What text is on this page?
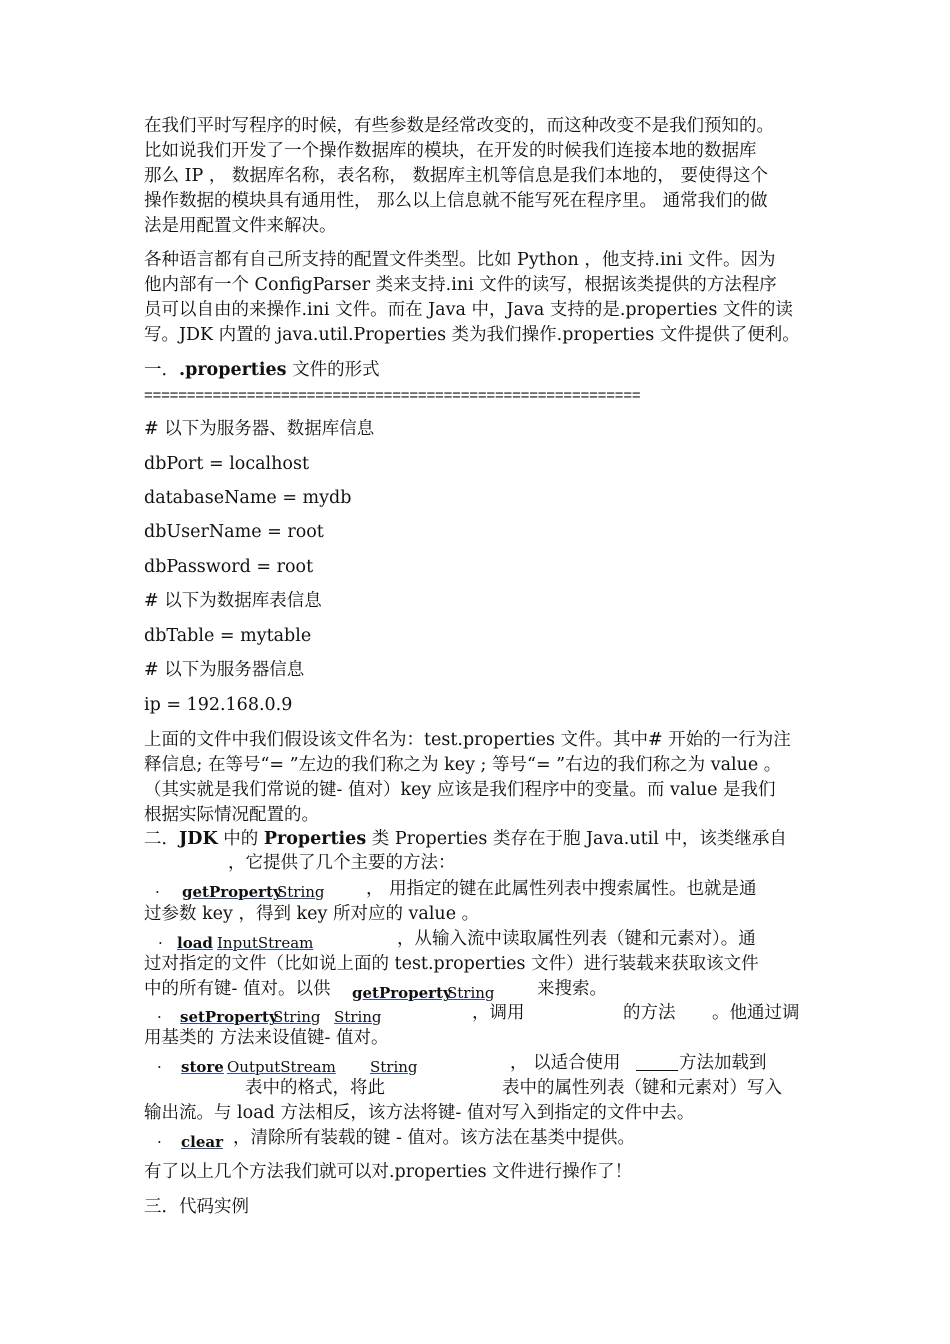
在我们平时写程序的时候，有些参数是经常改变的，而这种改变不是我们预知的。
比如说我们开发了一个操作数据库的模块，在开发的时候我们连接本地的数据库
那么 IP ， 数据库名称，表名称， 数据库主机等信息是我们本地的， 要使得这个
操作数据的模块具有通用性， 那么以上信息就不能写死在程序里。 通常我们的做
法是用配置文件来解决。
各种语言都有自己所支持的配置文件类型。比如 Python ，他支持.ini 文件。因为
他内部有一个 ConfigParser 类来支持.ini 文件的读写，根据该类提供的方法程序
员可以自由的来操作.ini 文件。而在 Java 中，Java 支持的是.properties 文件的读
写。JDK 内置的 java.util.Properties 类为我们操作.properties 文件提供了便利。
一．.properties 文件的形式
==========================================================
# 以下为服务器、数据库信息
dbPort = localhost
databaseName = mydb
dbUserName = root
dbPassword = root
# 以下为数据库表信息
dbTable = mytable
# 以下为服务器信息
ip = 192.168.0.9
上面的文件中我们假设该文件名为：test.properties 文件。其中# 开始的一行为注
释信息; 在等号“= ”左边的我们称之为 key ; 等号“= ”右边的我们称之为 value 。
（其实就是我们常说的键- 值对）key 应该是我们程序中的变量。而 value 是我们
根据实际情况配置的。
二．JDK 中的 Properties 类 Properties 类存在于胞 Java.util 中，该类继承自
，它提供了几个主要的方法：
· getProperty
String ， 用指定的键在此属性列表中搜索属性。也就是通
过参数 key ，得到 key 所对应的 value 。
· load InputStream	，从输入流中读取属性列表（键和元素对）。通
过对指定的文件（比如说上面的 test.properties 文件）进行装载来获取该文件
中的所有键- 值对。以供 getProperty
String 来搜索。
· setProperty
String String	，调用	的方法 。他通过调
用基类的 方法来设值键- 值对。
· store OutputStream String	， 以适合使用	方法加载到
表中的格式，将此	表中的属性列表（键和元素对）写入
输出流。与 load 方法相反，该方法将键- 值对写入到指定的文件中去。
· clear ，清除所有装载的键 - 值对。该方法在基类中提供。
有了以上几个方法我们就可以对.properties 文件进行操作了！
三．代码实例
